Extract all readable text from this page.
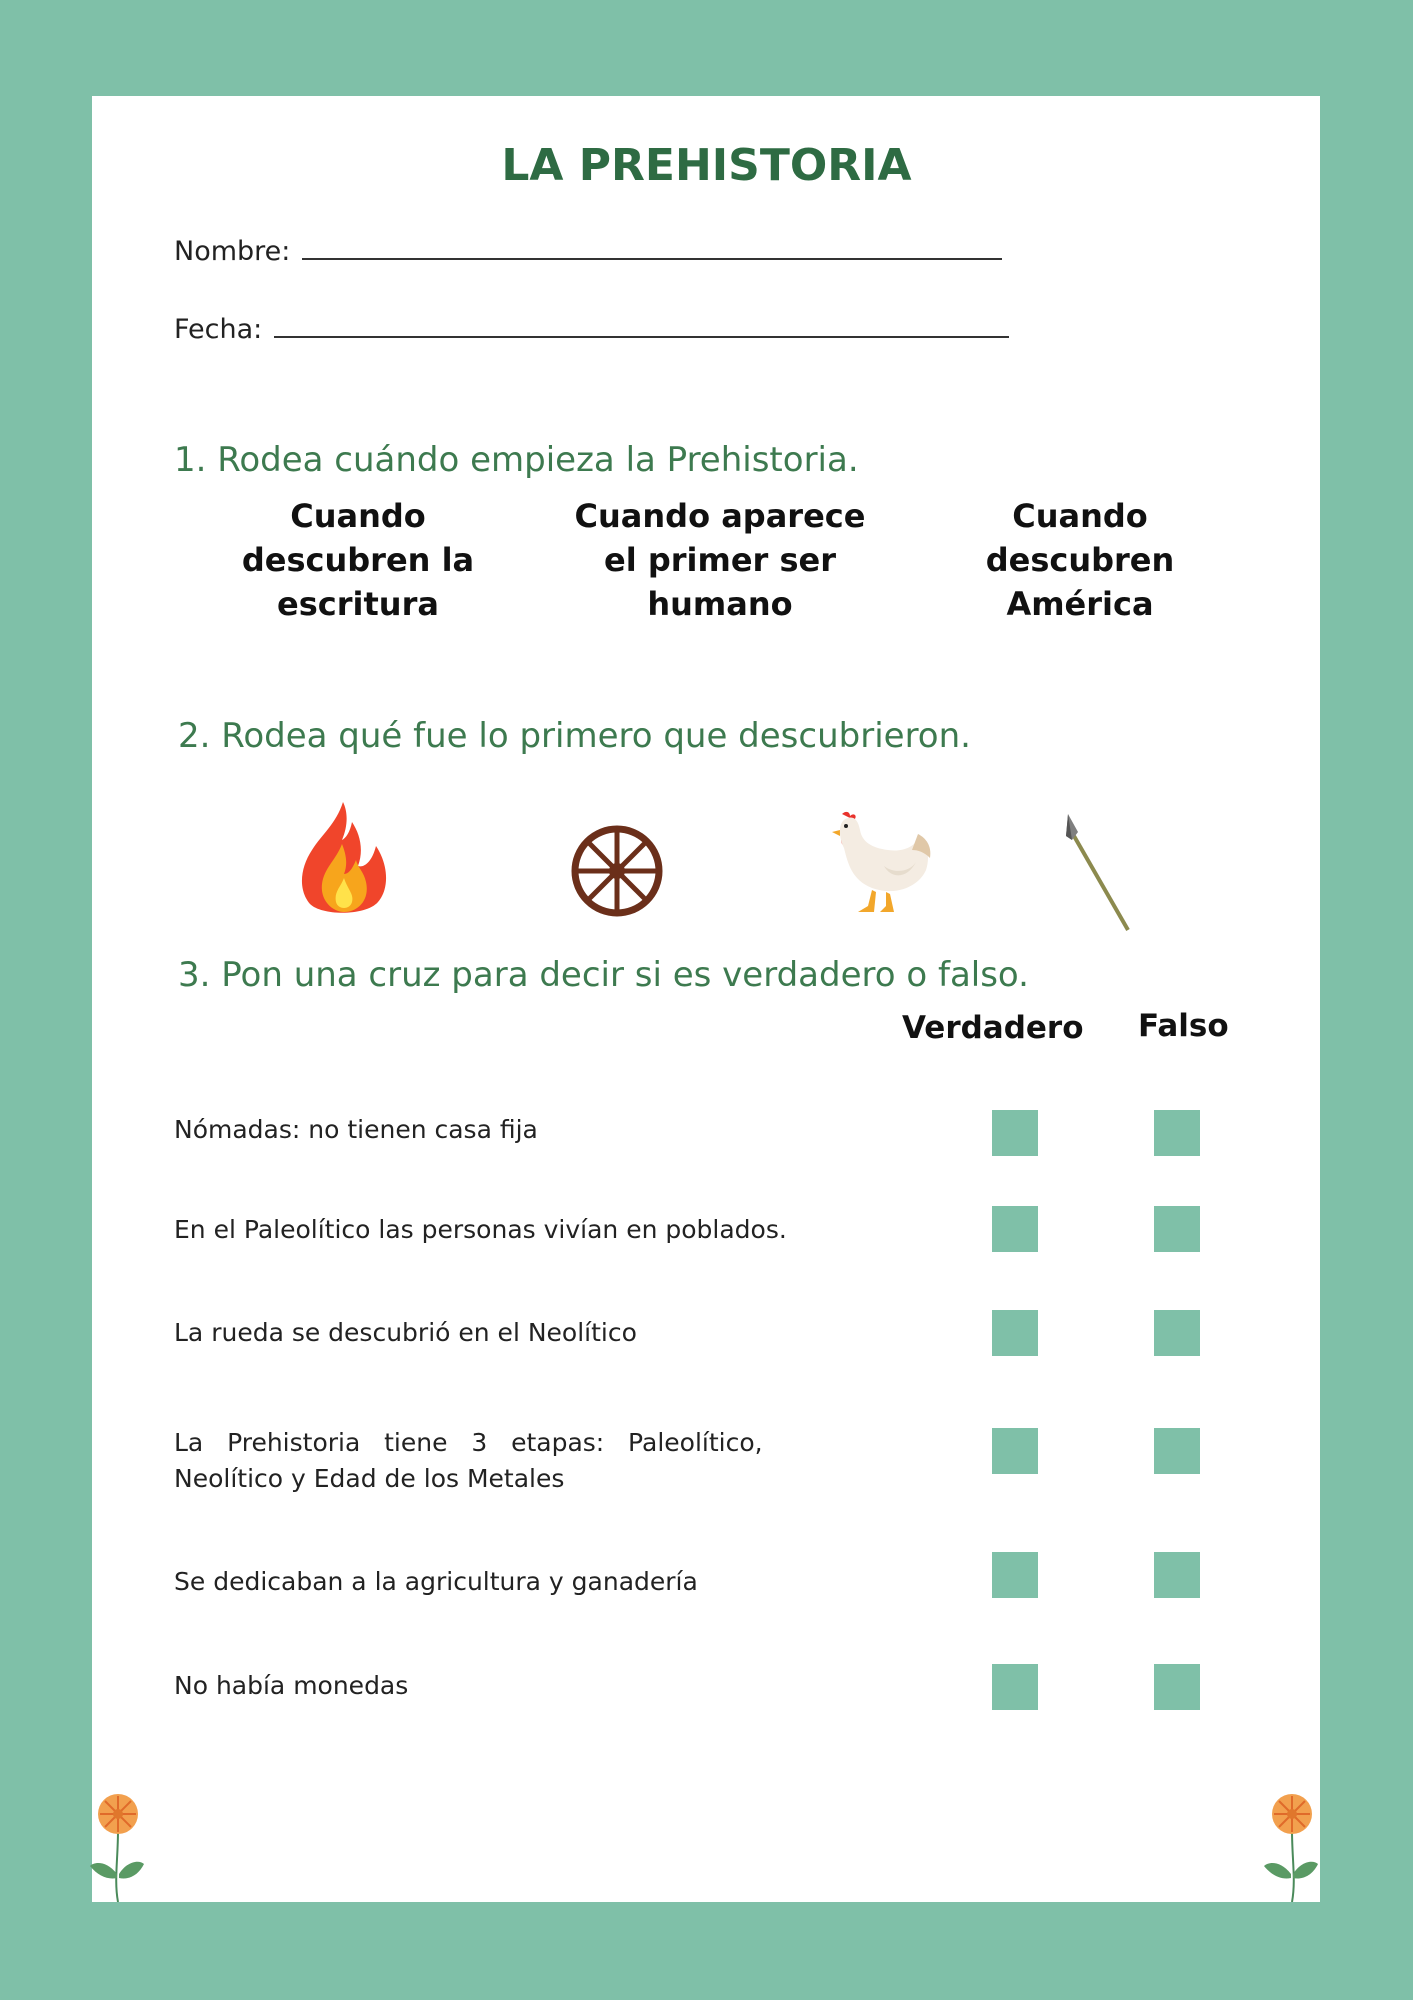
LA PREHISTORIA
Nombre:
Fecha:
1. Rodea cuándo empieza la Prehistoria.
Cuando
descubren la
escritura
Cuando aparece
el primer ser
humano
Cuando
descubren
América
2. Rodea qué fue lo primero que descubrieron.
3. Pon una cruz para decir si es verdadero o falso.
Verdadero Falso
Nómadas: no tienen casa fija
En el Paleolítico las personas vivían en poblados.
La rueda se descubrió en el Neolítico
La   Prehistoria   tiene   3   etapas:   Paleolítico,
Neolítico y Edad de los Metales
Se dedicaban a la agricultura y ganadería
No había monedas
